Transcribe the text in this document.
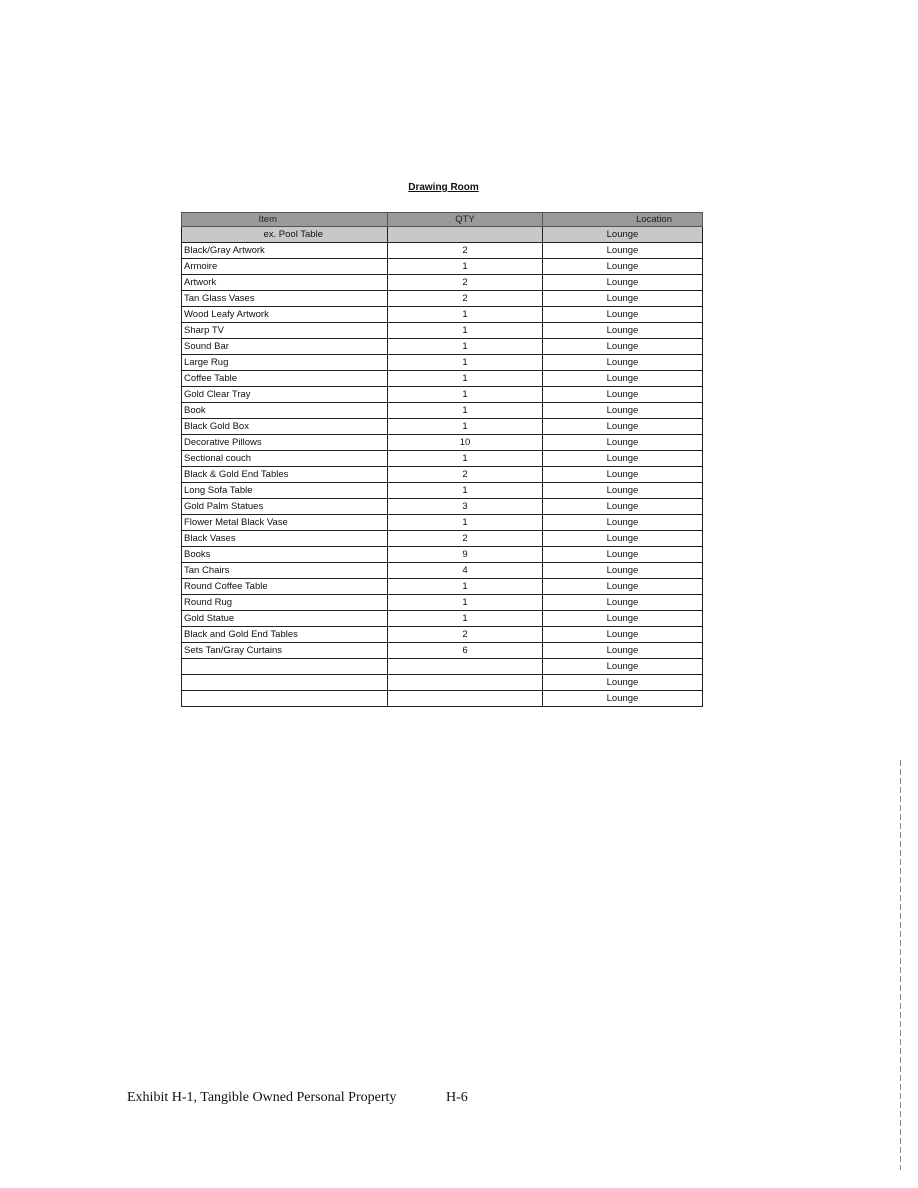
Drawing Room
Item	QTY	Location
ex. Pool Table		Lounge
Black/Gray Artwork	2	Lounge
Armoire	1	Lounge
Artwork	2	Lounge
Tan Glass Vases	2	Lounge
Wood Leafy Artwork	1	Lounge
Sharp TV	1	Lounge
Sound Bar	1	Lounge
Large Rug	1	Lounge
Coffee Table	1	Lounge
Gold Clear Tray	1	Lounge
Book	1	Lounge
Black Gold Box	1	Lounge
Decorative Pillows	10	Lounge
Sectional couch	1	Lounge
Black & Gold End Tables	2	Lounge
Long Sofa Table	1	Lounge
Gold Palm Statues	3	Lounge
Flower Metal Black Vase	1	Lounge
Black Vases	2	Lounge
Books	9	Lounge
Tan Chairs	4	Lounge
Round Coffee Table	1	Lounge
Round Rug	1	Lounge
Gold Statue	1	Lounge
Black and Gold End Tables	2	Lounge
Sets Tan/Gray Curtains	6	Lounge
		Lounge
		Lounge
		Lounge
Exhibit H-1, Tangible Owned Personal Property	H-6
